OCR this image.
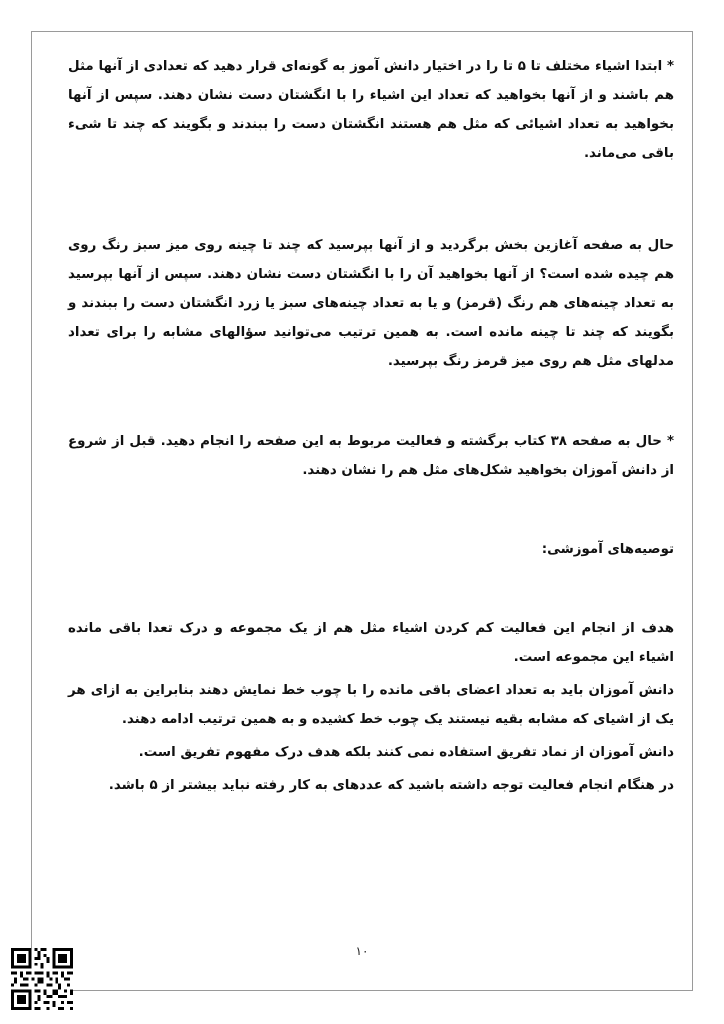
* ابتدا اشیاء مختلف تا ۵ تا را در اختیار دانش آموز به گونه‌ای قرار دهید که تعدادی از آنها مثل هم باشند و از آنها بخواهید که تعداد این اشیاء را با انگشتان دست نشان دهند. سپس از آنها بخواهید به تعداد اشیائی که مثل هم هستند انگشتان دست را ببندند و بگویند که چند تا شیء باقی می‌ماند.

حال به صفحه آغازین بخش برگردید و از آنها بپرسید که چند تا چینه روی میز سبز رنگ روی هم چیده شده است؟ از آنها بخواهید آن را با انگشتان دست نشان دهند. سپس از آنها بپرسید به تعداد چینه‌های هم رنگ (قرمز) و یا به تعداد چینه‌های سبز یا زرد انگشتان دست را ببندند و بگویند که چند تا چینه مانده است. به همین ترتیب می‌توانید سؤالهای مشابه را برای تعداد مدلهای مثل هم روی میز قرمز رنگ بپرسید.

* حال به صفحه ۳۸ کتاب برگشته و فعالیت مربوط به این صفحه را انجام دهید. قبل از شروع از دانش آموزان بخواهید شکل‌های مثل هم را نشان دهند.

توصیه‌های آموزشی:

هدف از انجام این فعالیت کم کردن اشیاء مثل هم از یک مجموعه و درک تعدا باقی مانده اشیاء این مجموعه است.

دانش آموزان باید به تعداد اعضای باقی مانده را با چوب خط نمایش دهند بنابراین به ازای هر یک از اشیای که مشابه بقیه نیستند یک چوب خط کشیده و به همین ترتیب ادامه دهند.

دانش آموزان از نماد تفریق استفاده نمی کنند بلکه هدف درک مفهوم تفریق است.

در هنگام انجام فعالیت توجه داشته باشید که عددهای به کار رفته نباید بیشتر از ۵ باشد.

۱۰
